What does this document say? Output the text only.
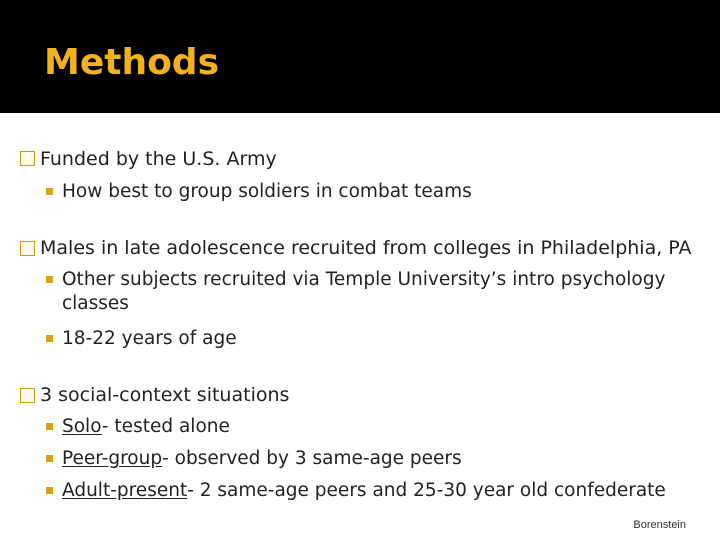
Methods
Funded by the U.S. Army
How best to group soldiers in combat teams
Males in late adolescence recruited from colleges in Philadelphia, PA
Other subjects recruited via Temple University’s intro psychology
classes
18-22 years of age
3 social-context situations
Solo- tested alone
Peer-group- observed by 3 same-age peers
Adult-present- 2 same-age peers and 25-30 year old confederate
Borenstein
